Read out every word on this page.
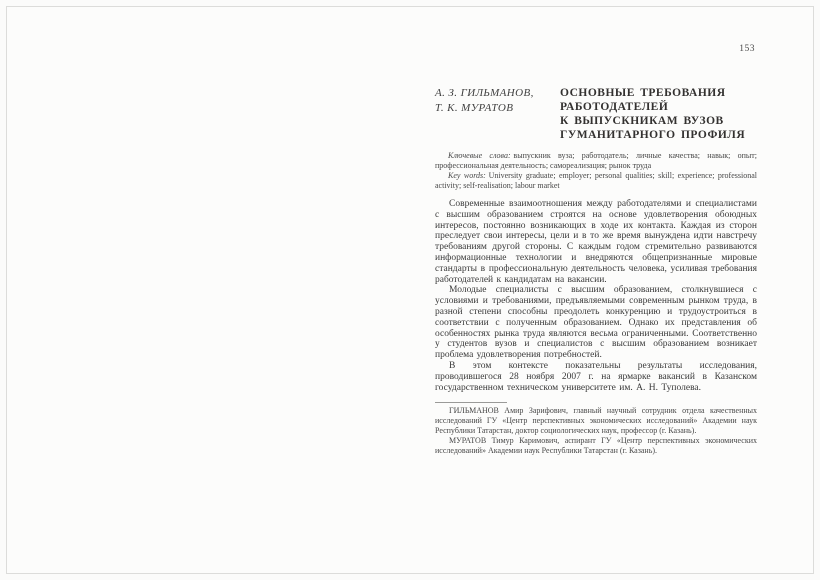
153
А. З. ГИЛЬМАНОВ,
Т. К. МУРАТОВ
ОСНОВНЫЕ ТРЕБОВАНИЯ
РАБОТОДАТЕЛЕЙ
К ВЫПУСКНИКАМ ВУЗОВ
ГУМАНИТАРНОГО ПРОФИЛЯ

Ключевые слова: выпускник вуза; работодатель; личные качества; навык; опыт; профессиональная деятельность; самореализация; рынок труда

Key words: University graduate; employer; personal qualities; skill; experience; professional activity; self-realisation; labour market

Современные взаимоотношения между работодателями и специалистами с высшим образованием строятся на основе удовлетворения обоюдных интересов, постоянно возникающих в ходе их контакта. Каждая из сторон преследует свои интересы, цели и в то же время вынуждена идти навстречу требованиям другой стороны. С каждым годом стремительно развиваются информационные технологии и внедряются общепризнанные мировые стандарты в профессиональную деятельность человека, усиливая требования работодателей к кандидатам на вакансии.

Молодые специалисты с высшим образованием, столкнувшиеся с условиями и требованиями, предъявляемыми современным рынком труда, в разной степени способны преодолеть конкуренцию и трудоустроиться в соответствии с полученным образованием. Однако их представления об особенностях рынка труда являются весьма ограниченными. Соответственно у студентов вузов и специалистов с высшим образованием возникает проблема удовлетворения потребностей.

В этом контексте показательны результаты исследования, проводившегося 28 ноября 2007 г. на ярмарке вакансий в Казанском государственном техническом университете им. А. Н. Туполева.

ГИЛЬМАНОВ Амир Зарифович, главный научный сотрудник отдела качественных исследований ГУ «Центр перспективных экономических исследований» Академии наук Республики Татарстан, доктор социологических наук, профессор (г. Казань).

МУРАТОВ Тимур Каримович, аспирант ГУ «Центр перспективных экономических исследований» Академии наук Республики Татарстан (г. Казань).
